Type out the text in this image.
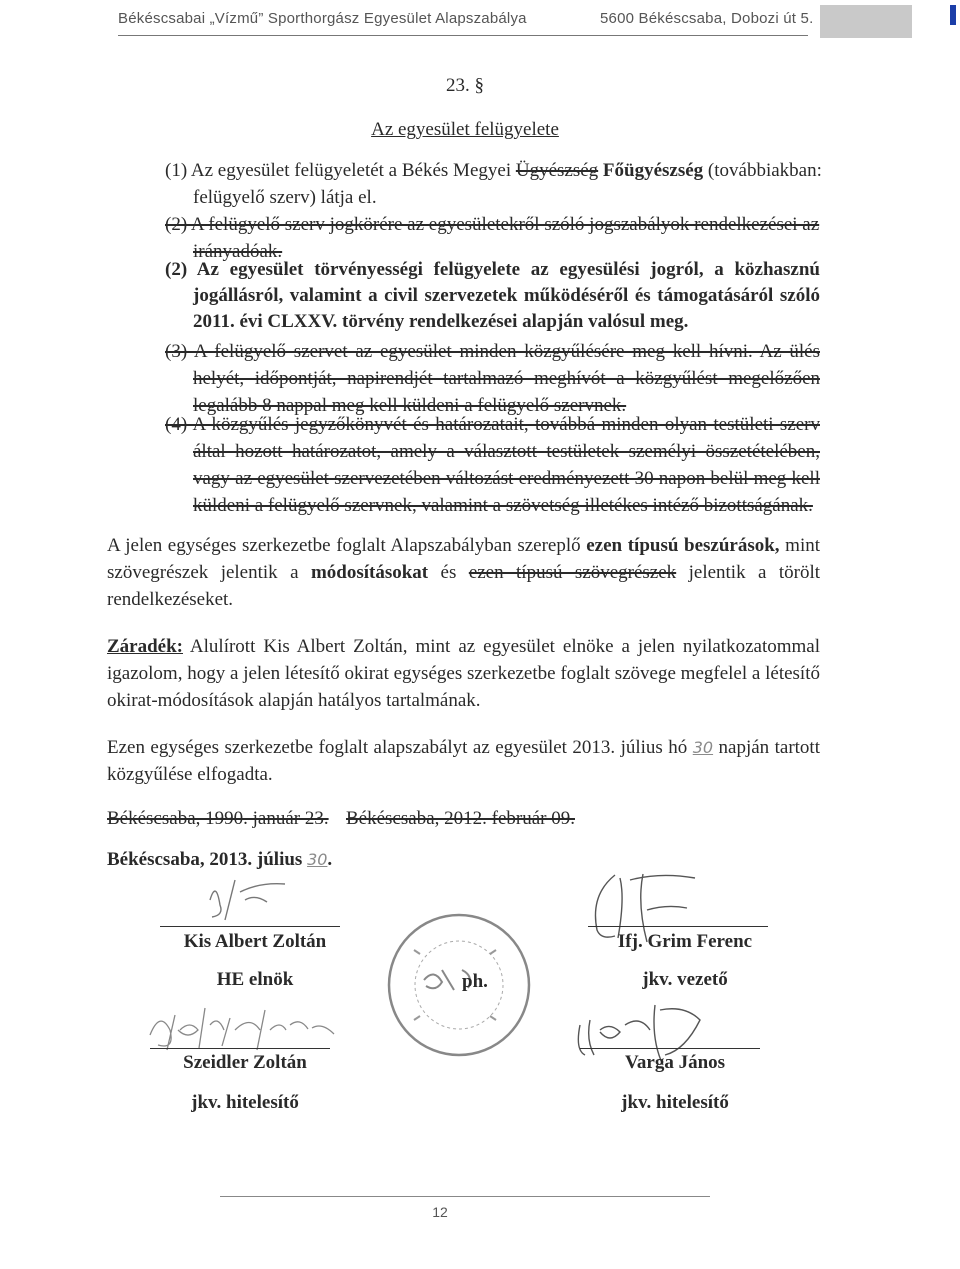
Békéscsabai „Vízmű” Sporthorgász Egyesület Alapszabálya	5600 Békéscsaba, Dobozi út 5.
23. §
Az egyesület felügyelete
(1) Az egyesület felügyeletét a Békés Megyei Ügyészség Főügyészség (továbbiakban:
felügyelő szerv) látja el.
(2) A felügyelő szerv jogkörére az egyesületekről szóló jogszabályok rendelkezései az
irányadóak.
(2) Az egyesület törvényességi felügyelete az egyesülési jogról, a közhasznú jogállásról, valamint a civil szervezetek működéséről és támogatásáról szóló 2011. évi CLXXV. törvény rendelkezései alapján valósul meg.
(3) A felügyelő szervet az egyesület minden közgyűlésére meg kell hívni. Az ülés helyét, időpontját, napirendjét tartalmazó meghívót a közgyűlést megelőzően legalább 8 nappal meg kell küldeni a felügyelő szervnek.
(4) A közgyűlés jegyzőkönyvét és határozatait, továbbá minden olyan testületi szerv által hozott határozatot, amely a választott testületek személyi összetételében, vagy az egyesület szervezetében változást eredményezett 30 napon belül meg kell küldeni a felügyelő szervnek, valamint a szövetség illetékes intéző bizottságának.
A jelen egységes szerkezetbe foglalt Alapszabályban szereplő ezen típusú beszúrások, mint szövegrészek jelentik a módosításokat és ezen típusú szövegrészek jelentik a törölt rendelkezéseket.
Záradék: Alulírott Kis Albert Zoltán, mint az egyesület elnöke a jelen nyilatkozatommal igazolom, hogy a jelen létesítő okirat egységes szerkezetbe foglalt szövege megfelel a létesítő okirat-módosítások alapján hatályos tartalmának.
Ezen egységes szerkezetbe foglalt alapszabályt az egyesület 2013. július hó 30 napján tartott közgyűlése elfogadta.
Békéscsaba, 1990. január 23. Békéscsaba, 2012. február 09.
Békéscsaba, 2013. július 30.
Kis Albert Zoltán
HE elnök
Ifj. Grim Ferenc
jkv. vezető
Szeidler Zoltán
jkv. hitelesítő
Varga János
jkv. hitelesítő
ph.
12
